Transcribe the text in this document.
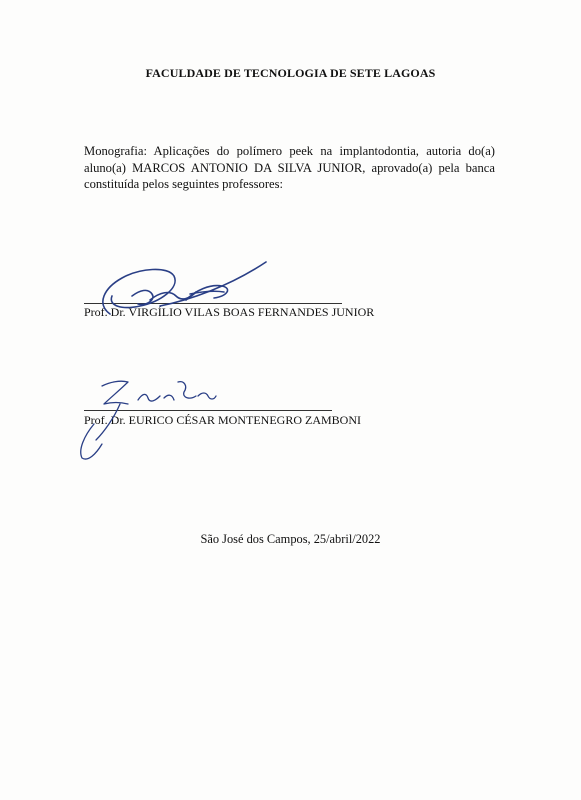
FACULDADE DE TECNOLOGIA DE SETE LAGOAS
Monografia: Aplicações do polímero peek na implantodontia, autoria do(a) aluno(a) MARCOS ANTONIO DA SILVA JUNIOR, aprovado(a) pela banca constituída pelos seguintes professores:
Prof. Dr. VIRGÍLIO VILAS BOAS FERNANDES JUNIOR
Prof. Dr. EURICO CÉSAR MONTENEGRO ZAMBONI
São José dos Campos, 25/abril/2022
